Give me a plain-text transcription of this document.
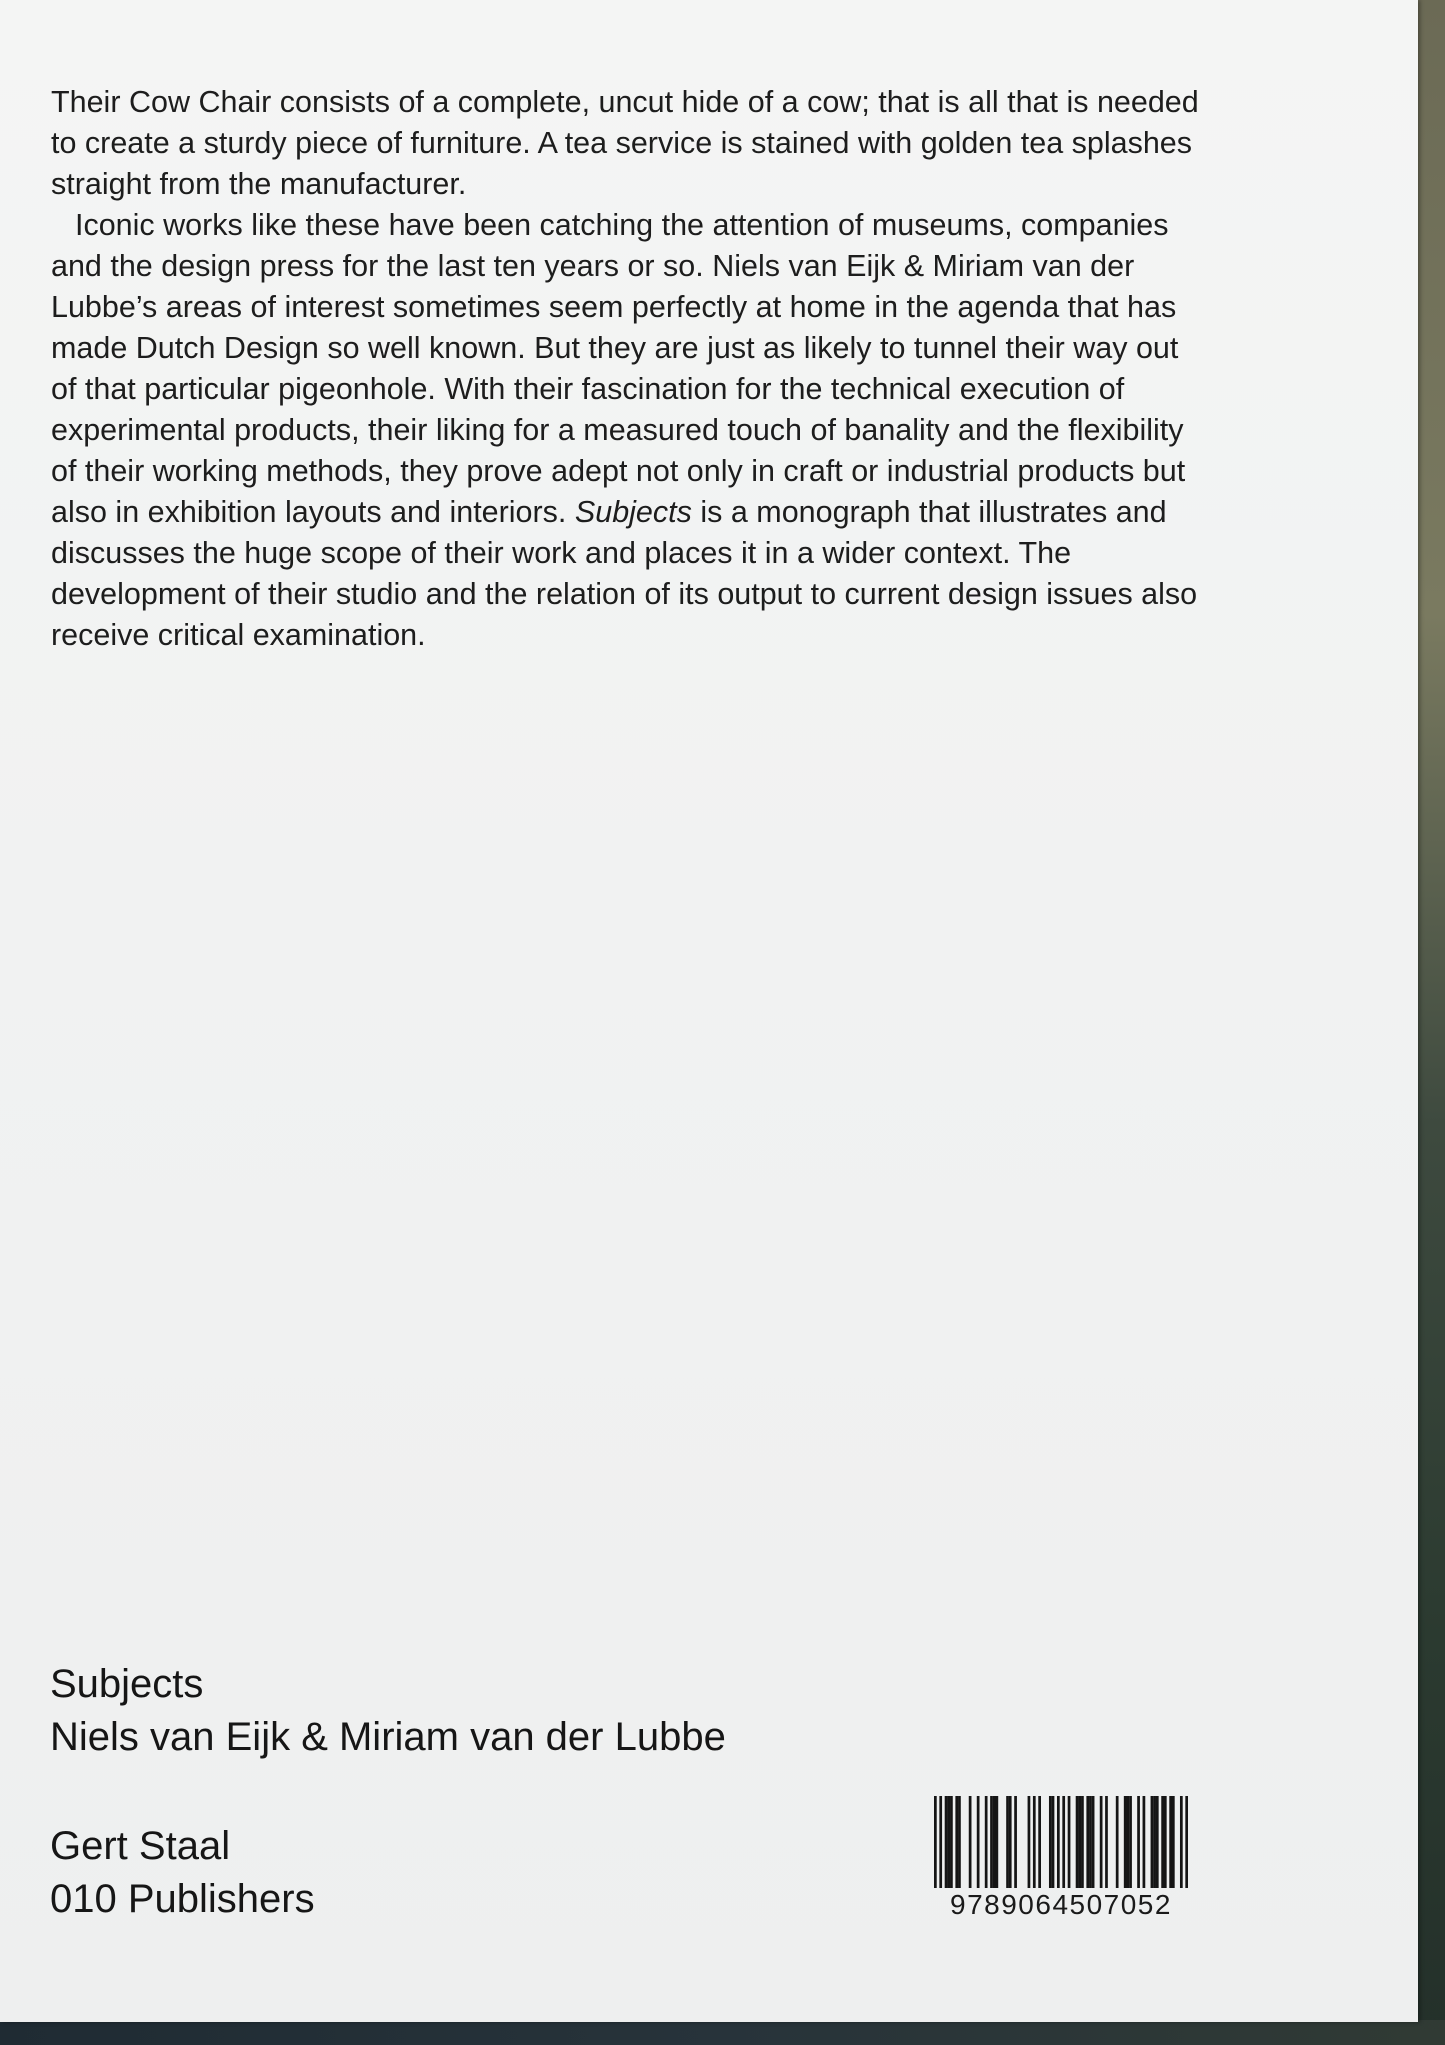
Their Cow Chair consists of a complete, uncut hide of a cow; that is all that is needed to create a sturdy piece of furniture. A tea service is stained with golden tea splashes straight from the manufacturer.

Iconic works like these have been catching the attention of museums, companies and the design press for the last ten years or so. Niels van Eijk & Miriam van der Lubbe’s areas of interest sometimes seem perfectly at home in the agenda that has made Dutch Design so well known. But they are just as likely to tunnel their way out of that particular pigeonhole. With their fascination for the technical execution of experimental products, their liking for a measured touch of banality and the flexibility of their working methods, they prove adept not only in craft or industrial products but also in exhibition layouts and interiors. Subjects is a monograph that illustrates and discusses the huge scope of their work and places it in a wider context. The development of their studio and the relation of its output to current design issues also receive critical examination.

Subjects
Niels van Eijk & Miriam van der Lubbe
Gert Staal
010 Publishers	9789064507052
